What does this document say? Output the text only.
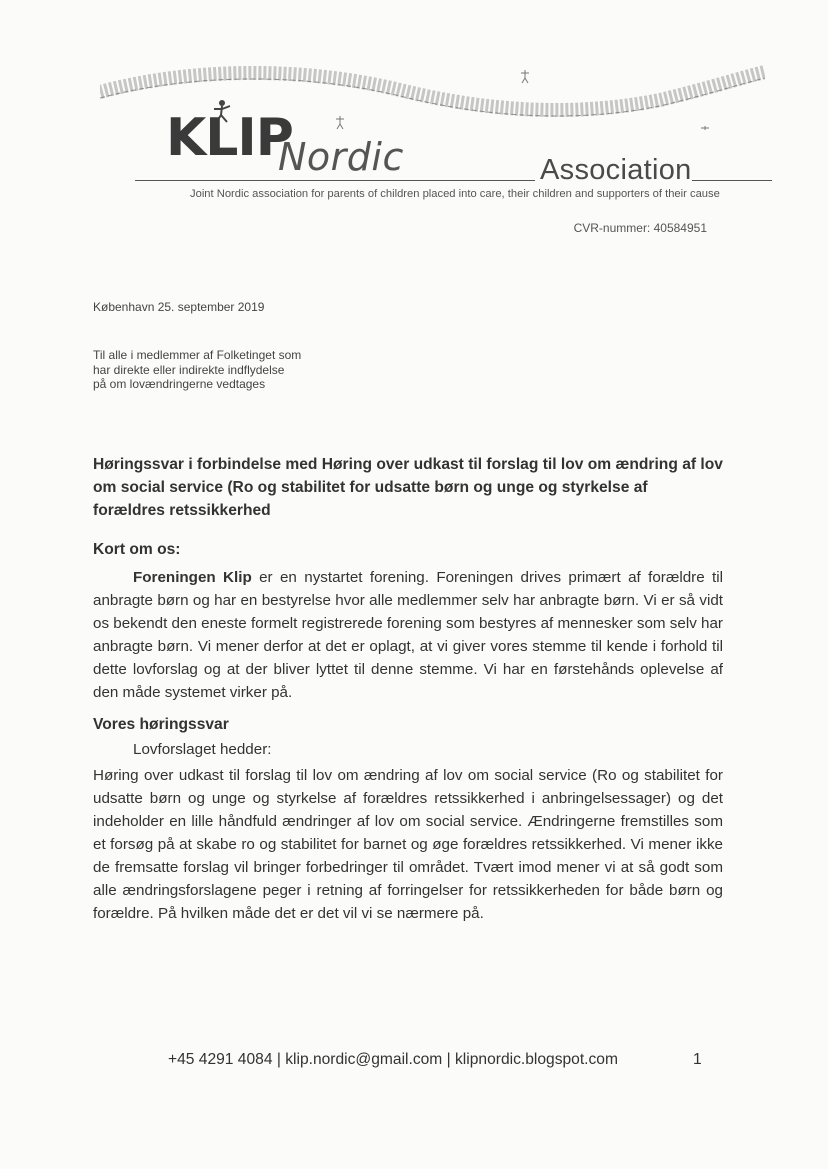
KLIP
Nordic	Association
Joint Nordic association for parents of children placed into care, their children and supporters of their cause
CVR-nummer: 40584951
København 25. september 2019
Til alle i medlemmer af Folketinget som
har direkte eller indirekte indflydelse
på om lovændringerne vedtages
Høringssvar i forbindelse med Høring over udkast til forslag til lov om ændring af lov om social service (Ro og stabilitet for udsatte børn og unge og styrkelse af forældres retssikkerhed
Kort om os:
Foreningen Klip er en nystartet forening. Foreningen drives primært af forældre til anbragte børn og har en bestyrelse hvor alle medlemmer selv har anbragte børn. Vi er så vidt os bekendt den eneste formelt registrerede forening som bestyres af mennesker som selv har anbragte børn. Vi mener derfor at det er oplagt, at vi giver vores stemme til kende i forhold til dette lovforslag og at der bliver lyttet til denne stemme. Vi har en førstehånds oplevelse af den måde systemet virker på.
Vores høringssvar
Lovforslaget hedder:
Høring over udkast til forslag til lov om ændring af lov om social service (Ro og stabilitet for udsatte børn og unge og styrkelse af forældres retssikkerhed i anbringelsessager) og det indeholder en lille håndfuld ændringer af lov om social service. Ændringerne fremstilles som et forsøg på at skabe ro og stabilitet for barnet og øge forældres retssikkerhed. Vi mener ikke de fremsatte forslag vil bringer forbedringer til området. Tvært imod mener vi at så godt som alle ændringsforslagene peger i retning af forringelser for retssikkerheden for både børn og forældre. På hvilken måde det er det vil vi se nærmere på.
+45 4291 4084 | klip.nordic@gmail.com | klipnordic.blogspot.com	1
